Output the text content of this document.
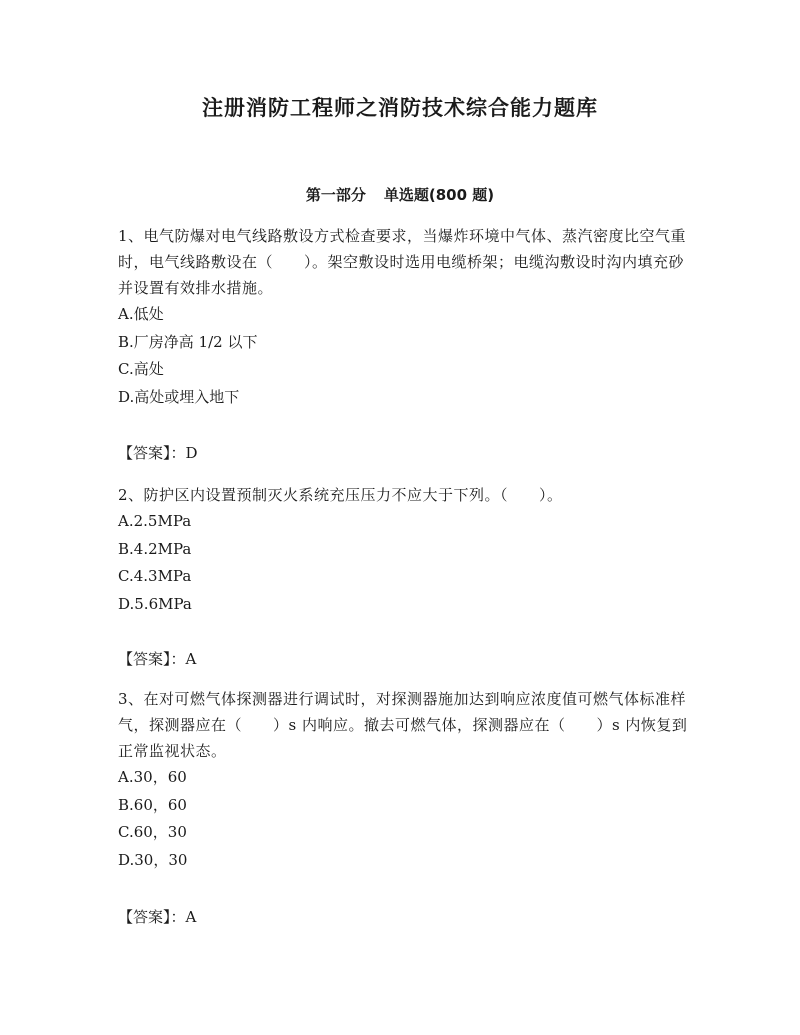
注册消防工程师之消防技术综合能力题库
第一部分 单选题(800 题)

1、电气防爆对电气线路敷设方式检查要求，当爆炸环境中气体、蒸汽密度比空气重时，电气线路敷设在（　　）。架空敷设时选用电缆桥架；电缆沟敷设时沟内填充砂并设置有效排水措施。

A.低处
B.厂房净高 1/2 以下
C.高处
D.高处或埋入地下
【答案】：D

2、防护区内设置预制灭火系统充压压力不应大于下列。（　　）。

A.2.5MPa
B.4.2MPa
C.4.3MPa
D.5.6MPa
【答案】：A

3、在对可燃气体探测器进行调试时，对探测器施加达到响应浓度值可燃气体标准样气，探测器应在（　　）s 内响应。撤去可燃气体，探测器应在（　　）s 内恢复到正常监视状态。

A.30，60
B.60，60
C.60，30
D.30，30
【答案】：A
